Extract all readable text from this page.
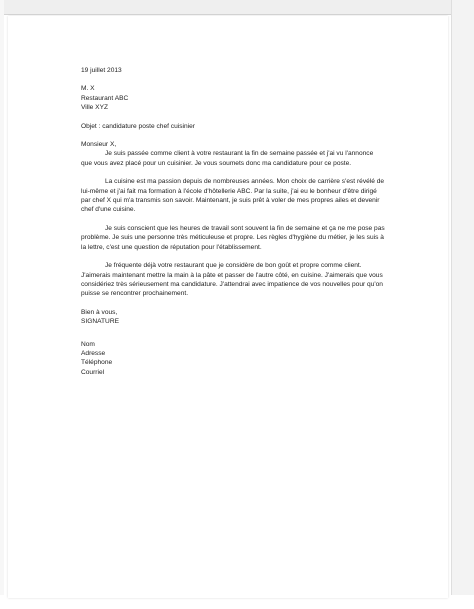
19 juillet 2013
M. X
Restaurant ABC
Ville XYZ
Objet : candidature poste chef cuisinier
Monsieur X,
Je suis passée comme client à votre restaurant la fin de semaine passée et j'ai vu l'annonce que vous avez placé pour un cuisinier. Je vous soumets donc ma candidature pour ce poste.
La cuisine est ma passion depuis de nombreuses années. Mon choix de carrière s'est révélé de lui-même et j'ai fait ma formation à l'école d'hôtellerie ABC. Par la suite, j'ai eu le bonheur d'être dirigé par chef X qui m'a transmis son savoir. Maintenant, je suis prêt à voler de mes propres ailes et devenir chef d'une cuisine.
Je suis conscient que les heures de travail sont souvent la fin de semaine et ça ne me pose pas problème. Je suis une personne très méticuleuse et propre. Les règles d'hygiène du métier, je les suis à la lettre, c'est une question de réputation pour l'établissement.
Je fréquente déjà votre restaurant que je considère de bon goût et propre comme client. J'aimerais maintenant mettre la main à la pâte et passer de l'autre côté, en cuisine. J'aimerais que vous considériez très sérieusement ma candidature. J'attendrai avec impatience de vos nouvelles pour qu'on puisse se rencontrer prochainement.
Bien à vous,
SIGNATURE
Nom
Adresse
Téléphone
Courriel
